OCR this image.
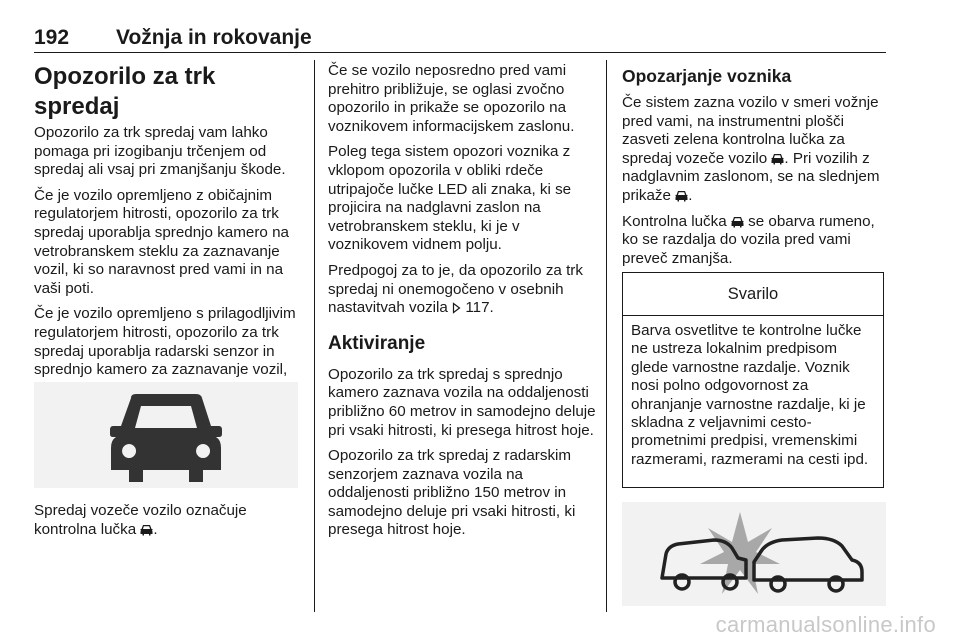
192 Vožnja in rokovanje
Opozorilo za trk spredaj

Opozorilo za trk spredaj vam lahko pomaga pri izogibanju trčenjem od spredaj ali vsaj pri zmanjšanju škode.

Če je vozilo opremljeno z običajnim regulatorjem hitrosti, opozorilo za trk spredaj uporablja sprednjo kamero na vetrobranskem steklu za zaznavanje vozil, ki so naravnost pred vami in na vaši poti.

Če je vozilo opremljeno s prilagodljivim regulatorjem hitrosti, opozorilo za trk spredaj uporablja radarski senzor in sprednjo kamero za zaznavanje vozil,

Spredaj vozeče vozilo označuje kontrolna lučka .

Če se vozilo neposredno pred vami prehitro približuje, se oglasi zvočno opozorilo in prikaže se opozorilo na voznikovem informacijskem zaslonu.

Poleg tega sistem opozori voznika z vklopom opozorila v obliki rdeče utripajoče lučke LED ali znaka, ki se projicira na nadglavni zaslon na vetrobranskem steklu, ki je v voznikovem vidnem polju.

Predpogoj za to je, da opozorilo za trk spredaj ni onemogočeno v osebnih nastavitvah vozila  117.

Aktiviranje

Opozorilo za trk spredaj s sprednjo kamero zaznava vozila na oddaljenosti približno 60 metrov in samodejno deluje pri vsaki hitrosti, ki presega hitrost hoje.

Opozorilo za trk spredaj z radarskim senzorjem zaznava vozila na oddaljenosti približno 150 metrov in samodejno deluje pri vsaki hitrosti, ki presega hitrost hoje.

Opozarjanje voznika

Če sistem zazna vozilo v smeri vožnje pred vami, na instrumentni plošči zasveti zelena kontrolna lučka za spredaj vozeče vozilo . Pri vozilih z nadglavnim zaslonom, se na slednjem prikaže .

Kontrolna lučka  se obarva rumeno, ko se razdalja do vozila pred vami preveč zmanjša.

Svarilo
Barva osvetlitve te kontrolne lučke ne ustreza lokalnim predpisom glede varnostne razdalje. Voznik nosi polno odgovornost za ohranjanje varnostne razdalje, ki je skladna z veljavnimi cesto-prometnimi predpisi, vremenskimi razmerami, razmerami na cesti ipd.
carmanualsonline.info
